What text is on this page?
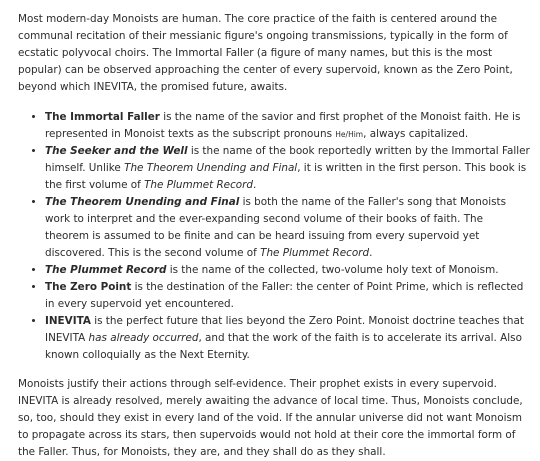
Most modern-day Monoists are human. The core practice of the faith is centered around the communal recitation of their messianic figure's ongoing transmissions, typically in the form of ecstatic polyvocal choirs. The Immortal Faller (a figure of many names, but this is the most popular) can be observed approaching the center of every supervoid, known as the Zero Point, beyond which INEVITA, the promised future, awaits.

• The Immortal Faller is the name of the savior and first prophet of the Monoist faith. He is represented in Monoist texts as the subscript pronouns He/Him, always capitalized.
• The Seeker and the Well is the name of the book reportedly written by the Immortal Faller himself. Unlike The Theorem Unending and Final, it is written in the first person. This book is the first volume of The Plummet Record.
• The Theorem Unending and Final is both the name of the Faller's song that Monoists work to interpret and the ever-expanding second volume of their books of faith. The theorem is assumed to be finite and can be heard issuing from every supervoid yet discovered. This is the second volume of The Plummet Record.
• The Plummet Record is the name of the collected, two-volume holy text of Monoism.
• The Zero Point is the destination of the Faller: the center of Point Prime, which is reflected in every supervoid yet encountered.
• INEVITA is the perfect future that lies beyond the Zero Point. Monoist doctrine teaches that INEVITA has already occurred, and that the work of the faith is to accelerate its arrival. Also known colloquially as the Next Eternity.

Monoists justify their actions through self-evidence. Their prophet exists in every supervoid. INEVITA is already resolved, merely awaiting the advance of local time. Thus, Monoists conclude, so, too, should they exist in every land of the void. If the annular universe did not want Monoism to propagate across its stars, then supervoids would not hold at their core the immortal form of the Faller. Thus, for Monoists, they are, and they shall do as they shall.
